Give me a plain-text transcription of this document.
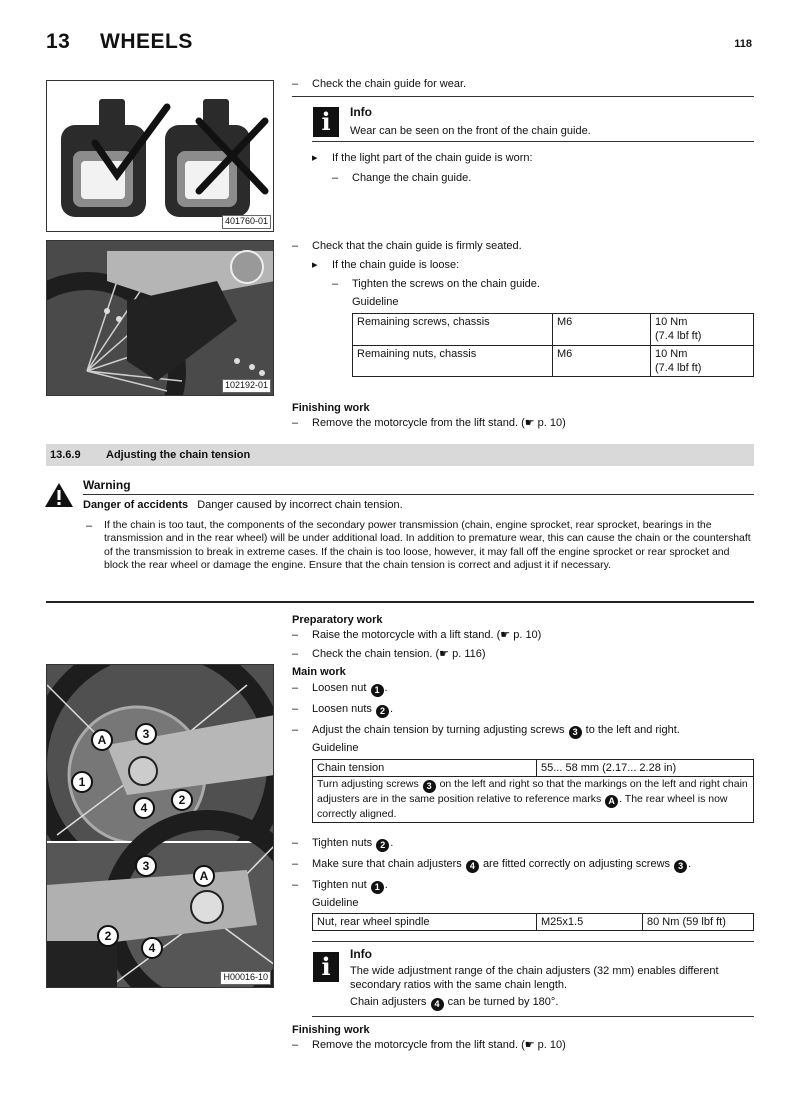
13 WHEELS	118
401760-01
102192-01
– Check the chain guide for wear.
i	Info
Wear can be seen on the front of the chain guide.
▸ If the light part of the chain guide is worn:
– Change the chain guide.
– Check that the chain guide is firmly seated.
▸ If the chain guide is loose:
– Tighten the screws on the chain guide.
Guideline
Remaining screws, chassis	M6	10 Nm
(7.4 lbf ft)

Remaining nuts, chassis	M6	10 Nm
(7.4 lbf ft)
Finishing work
– Remove the motorcycle from the lift stand. (☛ p. 10)
13.6.9 Adjusting the chain tension
Warning
Danger of accidents Danger caused by incorrect chain tension.
–	If the chain is too taut, the components of the secondary power transmission (chain, engine sprocket, rear sprocket, bearings in the transmission and in the rear wheel) will be under additional load. In addition to premature wear, this can cause the chain or the countershaft of the transmission to break in extreme cases. If the chain is too loose, however, it may fall off the engine sprocket or rear sprocket and block the rear wheel or damage the engine. Ensure that the chain tension is correct and adjust it if necessary.
A	3
2
1
4
3
A
2
4
H00016-10
Preparatory work
– Raise the motorcycle with a lift stand. (☛ p. 10)
– Check the chain tension. (☛ p. 116)
Main work
– Loosen nut 1 .
– Loosen nuts 2 .
– Adjust the chain tension by turning adjusting screws 3 to the left and right.
Guideline
Chain tension	55... 58 mm (2.17... 2.28 in)
Turn adjusting screws 3 on the left and right so that the markings on the left and right chain adjusters are in the same position relative to reference marks A . The rear wheel is now correctly aligned.
– Tighten nuts 2 .
– Make sure that chain adjusters 4 are fitted correctly on adjusting screws 3 .
– Tighten nut 1 .
Guideline
Nut, rear wheel spindle	M25x1.5	80 Nm (59 lbf ft)
i	Info
The wide adjustment range of the chain adjusters (32 mm) enables different secondary ratios with the same chain length.
Chain adjusters 4 can be turned by 180°.
Finishing work
– Remove the motorcycle from the lift stand. (☛ p. 10)
